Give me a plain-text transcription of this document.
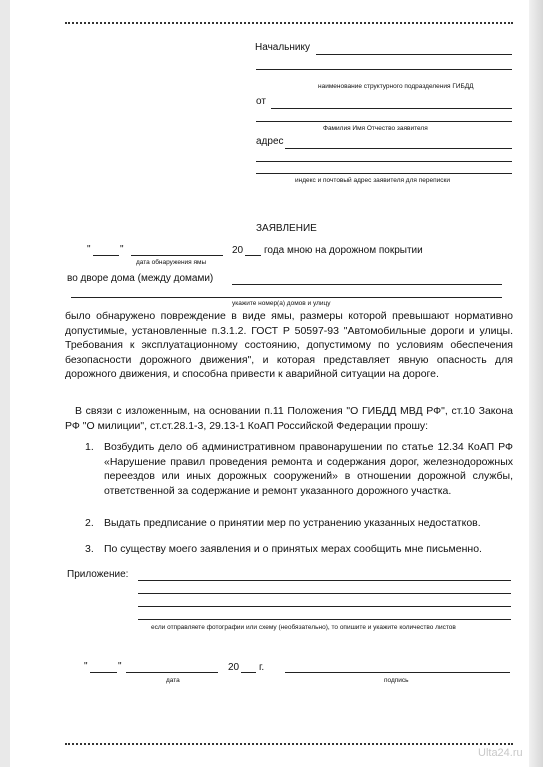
Начальнику
наименование структурного подразделения ГИБДД
от
Фамилия Имя Отчество заявителя
адрес
индекс и почтовый адрес заявителя для переписки
ЗАЯВЛЕНИЕ
"	"	20 года мною на дорожном покрытии
дата обнаружения ямы
во дворе дома (между домами)
укажите номер(а) домов и улицу
было обнаружено повреждение в виде ямы, размеры которой превышают нормативно допустимые, установленные п.3.1.2. ГОСТ Р 50597-93 "Автомобильные дороги и улицы. Требования к эксплуатационному состоянию, допустимому по условиям обеспечения безопасности дорожного движения", и которая представляет явную опасность для дорожного движения, и способна привести к аварийной ситуации на дороге.
В связи с изложенным, на основании п.11 Положения "О ГИБДД МВД РФ", ст.10 Закона РФ "О милиции", ст.ст.28.1-3, 29.13-1 КоАП Российской Федерации прошу:
1. Возбудить дело об административном правонарушении по статье 12.34 КоАП РФ «Нарушение правил проведения ремонта и содержания дорог, железнодорожных переездов или иных дорожных сооружений» в отношении дорожной службы, ответственной за содержание и ремонт указанного дорожного участка.
2. Выдать предписание о принятии мер по устранению указанных недостатков.
3. По существу моего заявления и о принятых мерах сообщить мне письменно.
Приложение:
если отправляете фотографии или схему (необязательно), то опишите и укажите количество листов
"	"	20 г.
дата	подпись
Ulta24.ru
